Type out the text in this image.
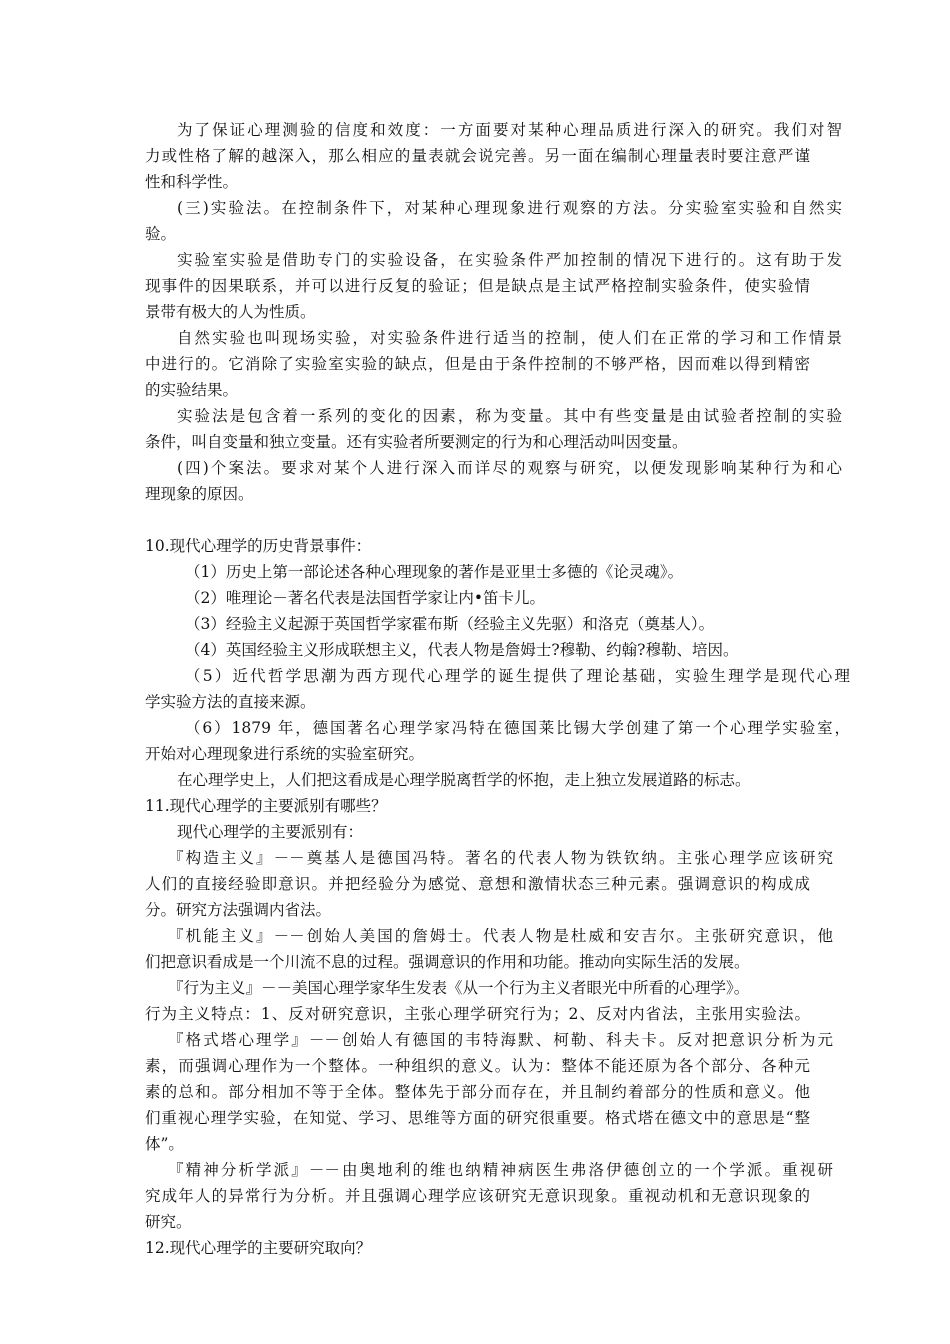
为了保证心理测验的信度和效度：一方面要对某种心理品质进行深入的研究。我们对智
力或性格了解的越深入，那么相应的量表就会说完善。另一面在编制心理量表时要注意严谨
性和科学性。
(三)实验法。在控制条件下，对某种心理现象进行观察的方法。分实验室实验和自然实
验。
实验室实验是借助专门的实验设备，在实验条件严加控制的情况下进行的。这有助于发
现事件的因果联系，并可以进行反复的验证；但是缺点是主试严格控制实验条件，使实验情
景带有极大的人为性质。
自然实验也叫现场实验，对实验条件进行适当的控制，使人们在正常的学习和工作情景
中进行的。它消除了实验室实验的缺点，但是由于条件控制的不够严格，因而难以得到精密
的实验结果。
实验法是包含着一系列的变化的因素，称为变量。其中有些变量是由试验者控制的实验
条件，叫自变量和独立变量。还有实验者所要测定的行为和心理活动叫因变量。
(四)个案法。要求对某个人进行深入而详尽的观察与研究，以便发现影响某种行为和心
理现象的原因。
10.现代心理学的历史背景事件：
（1）历史上第一部论述各种心理现象的著作是亚里士多德的《论灵魂》。
（2）唯理论－著名代表是法国哲学家让内•笛卡儿。
（3）经验主义起源于英国哲学家霍布斯（经验主义先驱）和洛克（奠基人）。
（4）英国经验主义形成联想主义，代表人物是詹姆士?穆勒、约翰?穆勒、培因。
（5）近代哲学思潮为西方现代心理学的诞生提供了理论基础，实验生理学是现代心理
学实验方法的直接来源。
（6）1879 年，德国著名心理学家冯特在德国莱比锡大学创建了第一个心理学实验室，
开始对心理现象进行系统的实验室研究。
在心理学史上，人们把这看成是心理学脱离哲学的怀抱，走上独立发展道路的标志。
11.现代心理学的主要派别有哪些？
现代心理学的主要派别有：
『构造主义』－－奠基人是德国冯特。著名的代表人物为铁钦纳。主张心理学应该研究
人们的直接经验即意识。并把经验分为感觉、意想和激情状态三种元素。强调意识的构成成
分。研究方法强调内省法。
『机能主义』－－创始人美国的詹姆士。代表人物是杜威和安吉尔。主张研究意识，他
们把意识看成是一个川流不息的过程。强调意识的作用和功能。推动向实际生活的发展。
『行为主义』－－美国心理学家华生发表《从一个行为主义者眼光中所看的心理学》。
行为主义特点：1、反对研究意识，主张心理学研究行为；2、反对内省法，主张用实验法。
『格式塔心理学』－－创始人有德国的韦特海默、柯勒、科夫卡。反对把意识分析为元
素，而强调心理作为一个整体。一种组织的意义。认为：整体不能还原为各个部分、各种元
素的总和。部分相加不等于全体。整体先于部分而存在，并且制约着部分的性质和意义。他
们重视心理学实验，在知觉、学习、思维等方面的研究很重要。格式塔在德文中的意思是“整
体”。
『精神分析学派』－－由奥地利的维也纳精神病医生弗洛伊德创立的一个学派。重视研
究成年人的异常行为分析。并且强调心理学应该研究无意识现象。重视动机和无意识现象的
研究。
12.现代心理学的主要研究取向？
